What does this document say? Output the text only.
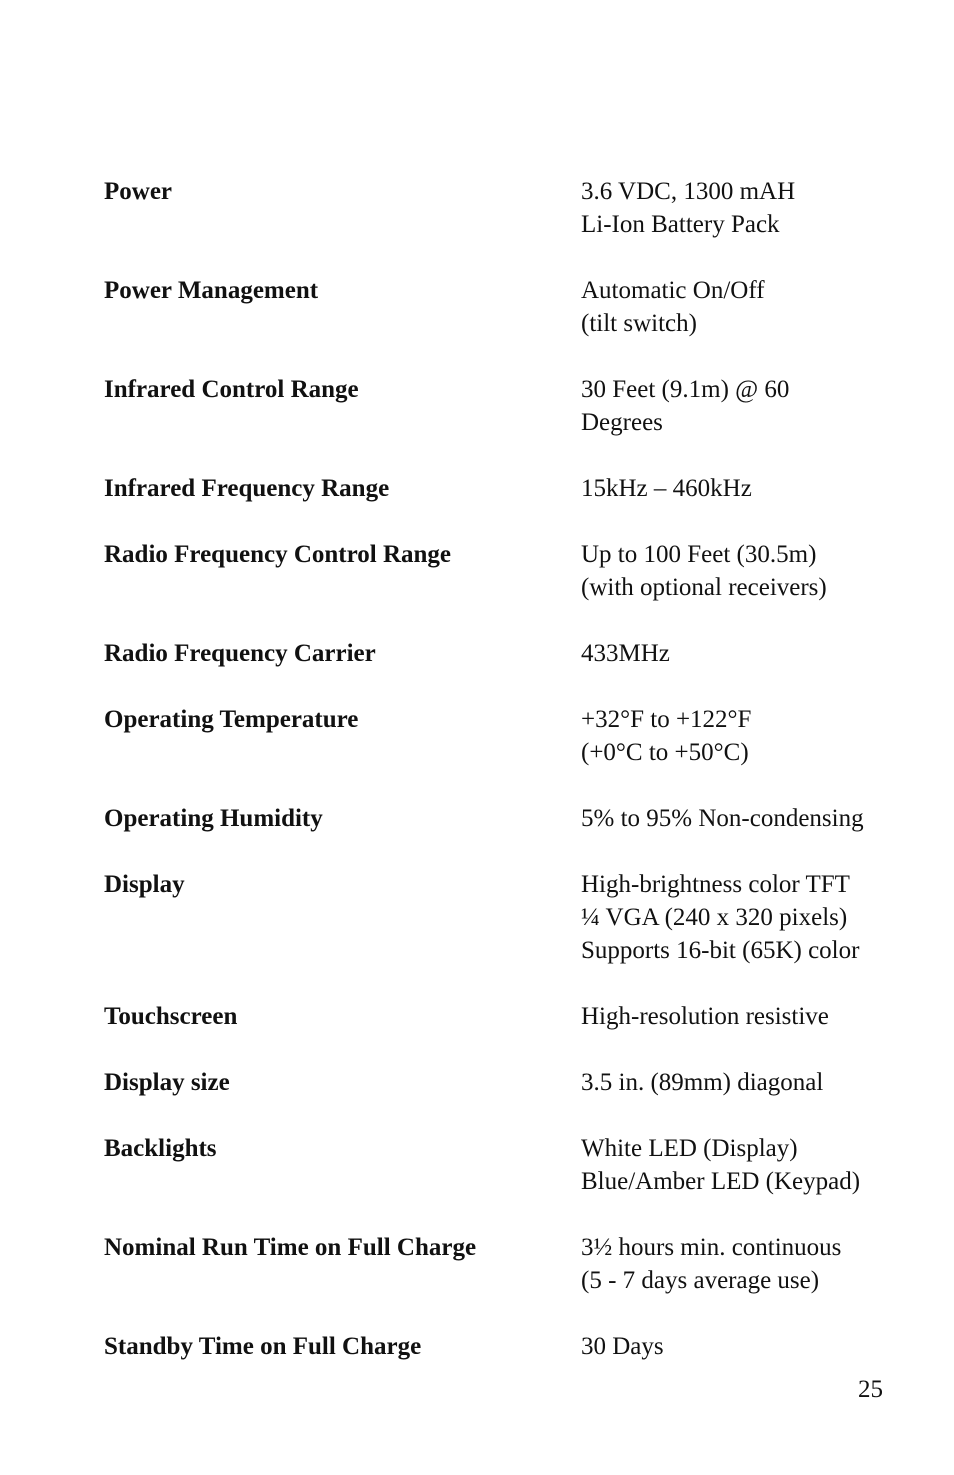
Power	3.6 VDC, 1300 mAH
Li-Ion Battery Pack
Power Management	Automatic On/Off
(tilt switch)
Infrared Control Range	30 Feet (9.1m) @ 60
Degrees
Infrared Frequency Range	15kHz – 460kHz
Radio Frequency Control Range	Up to 100 Feet (30.5m)
(with optional receivers)
Radio Frequency Carrier	433MHz
Operating Temperature	+32°F to +122°F
(+0°C to +50°C)
Operating Humidity	5% to 95% Non-condensing
Display	High-brightness color TFT
¼ VGA (240 x 320 pixels)
Supports 16-bit (65K) color
Touchscreen	High-resolution resistive
Display size	3.5 in. (89mm) diagonal
Backlights	White LED (Display)
Blue/Amber LED (Keypad)
Nominal Run Time on Full Charge	3½ hours min. continuous
(5 - 7 days average use)
Standby Time on Full Charge	30 Days
25
